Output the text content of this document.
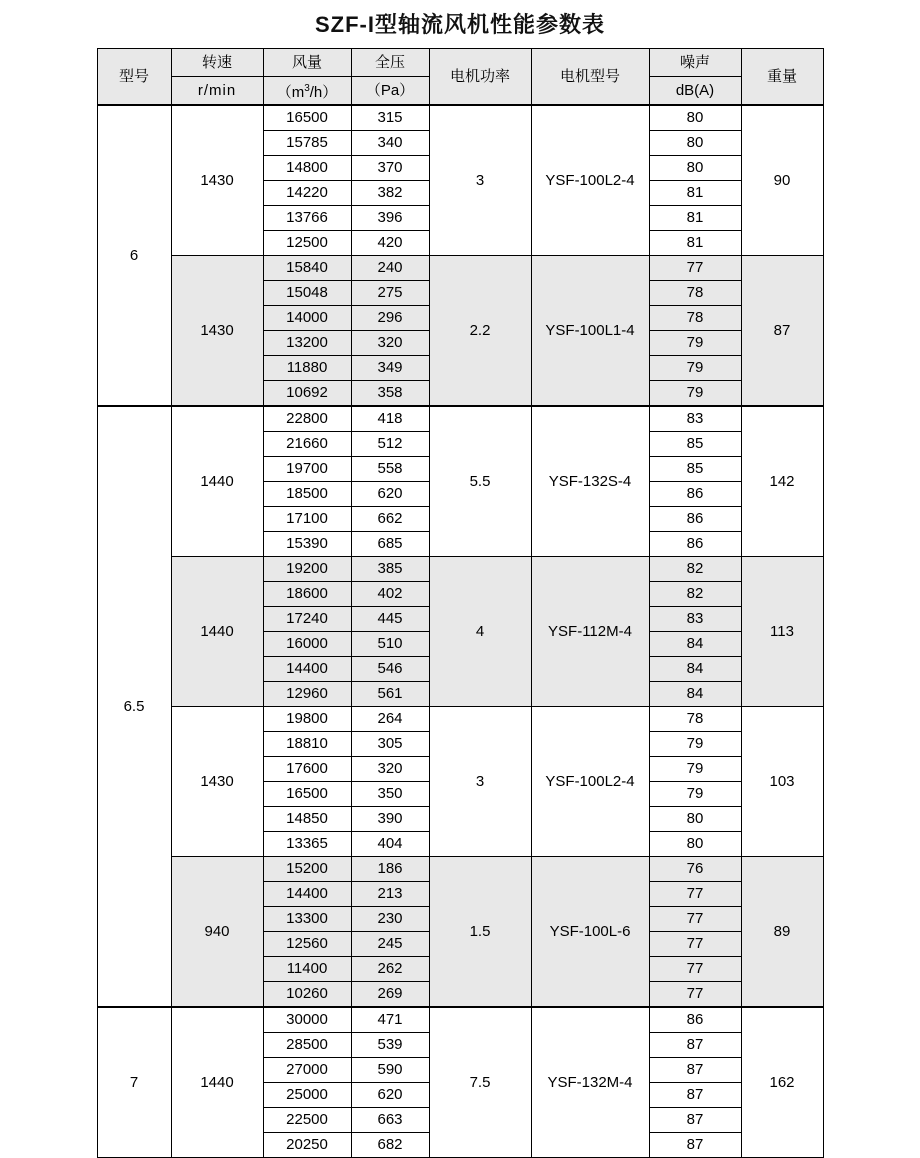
SZF-I型轴流风机性能参数表
型号	转速	风量	全压	电机功率	电机型号	噪声	重量
	r/min	$(m^3/h)$	（Pa）			dB(A)	
6	1430	16500	315	3	YSF-100L2-4	80	90
		15785	340			80	
		14800	370			80	
		14220	382			81	
		13766	396			81	
		12500	420			81	
	1430	15840	240	2.2	YSF-100L1-4	77	87
		15048	275			78	
		14000	296			78	
		13200	320			79	
		11880	349			79	
		10692	358			79	
6.5	1440	22800	418	5.5	YSF-132S-4	83	142
		21660	512			85	
		19700	558			85	
		18500	620			86	
		17100	662			86	
		15390	685			86	
	1440	19200	385	4	YSF-112M-4	82	113
		18600	402			82	
		17240	445			83	
		16000	510			84	
		14400	546			84	
		12960	561			84	
	1430	19800	264	3	YSF-100L2-4	78	103
		18810	305			79	
		17600	320			79	
		16500	350			79	
		14850	390			80	
		13365	404			80	
	940	15200	186	1.5	YSF-100L-6	76	89
		14400	213			77	
		13300	230			77	
		12560	245			77	
		11400	262			77	
		10260	269			77	
7	1440	30000	471	7.5	YSF-132M-4	86	162
		28500	539			87	
		27000	590			87	
		25000	620			87	
		22500	663			87	
		20250	682			87	
